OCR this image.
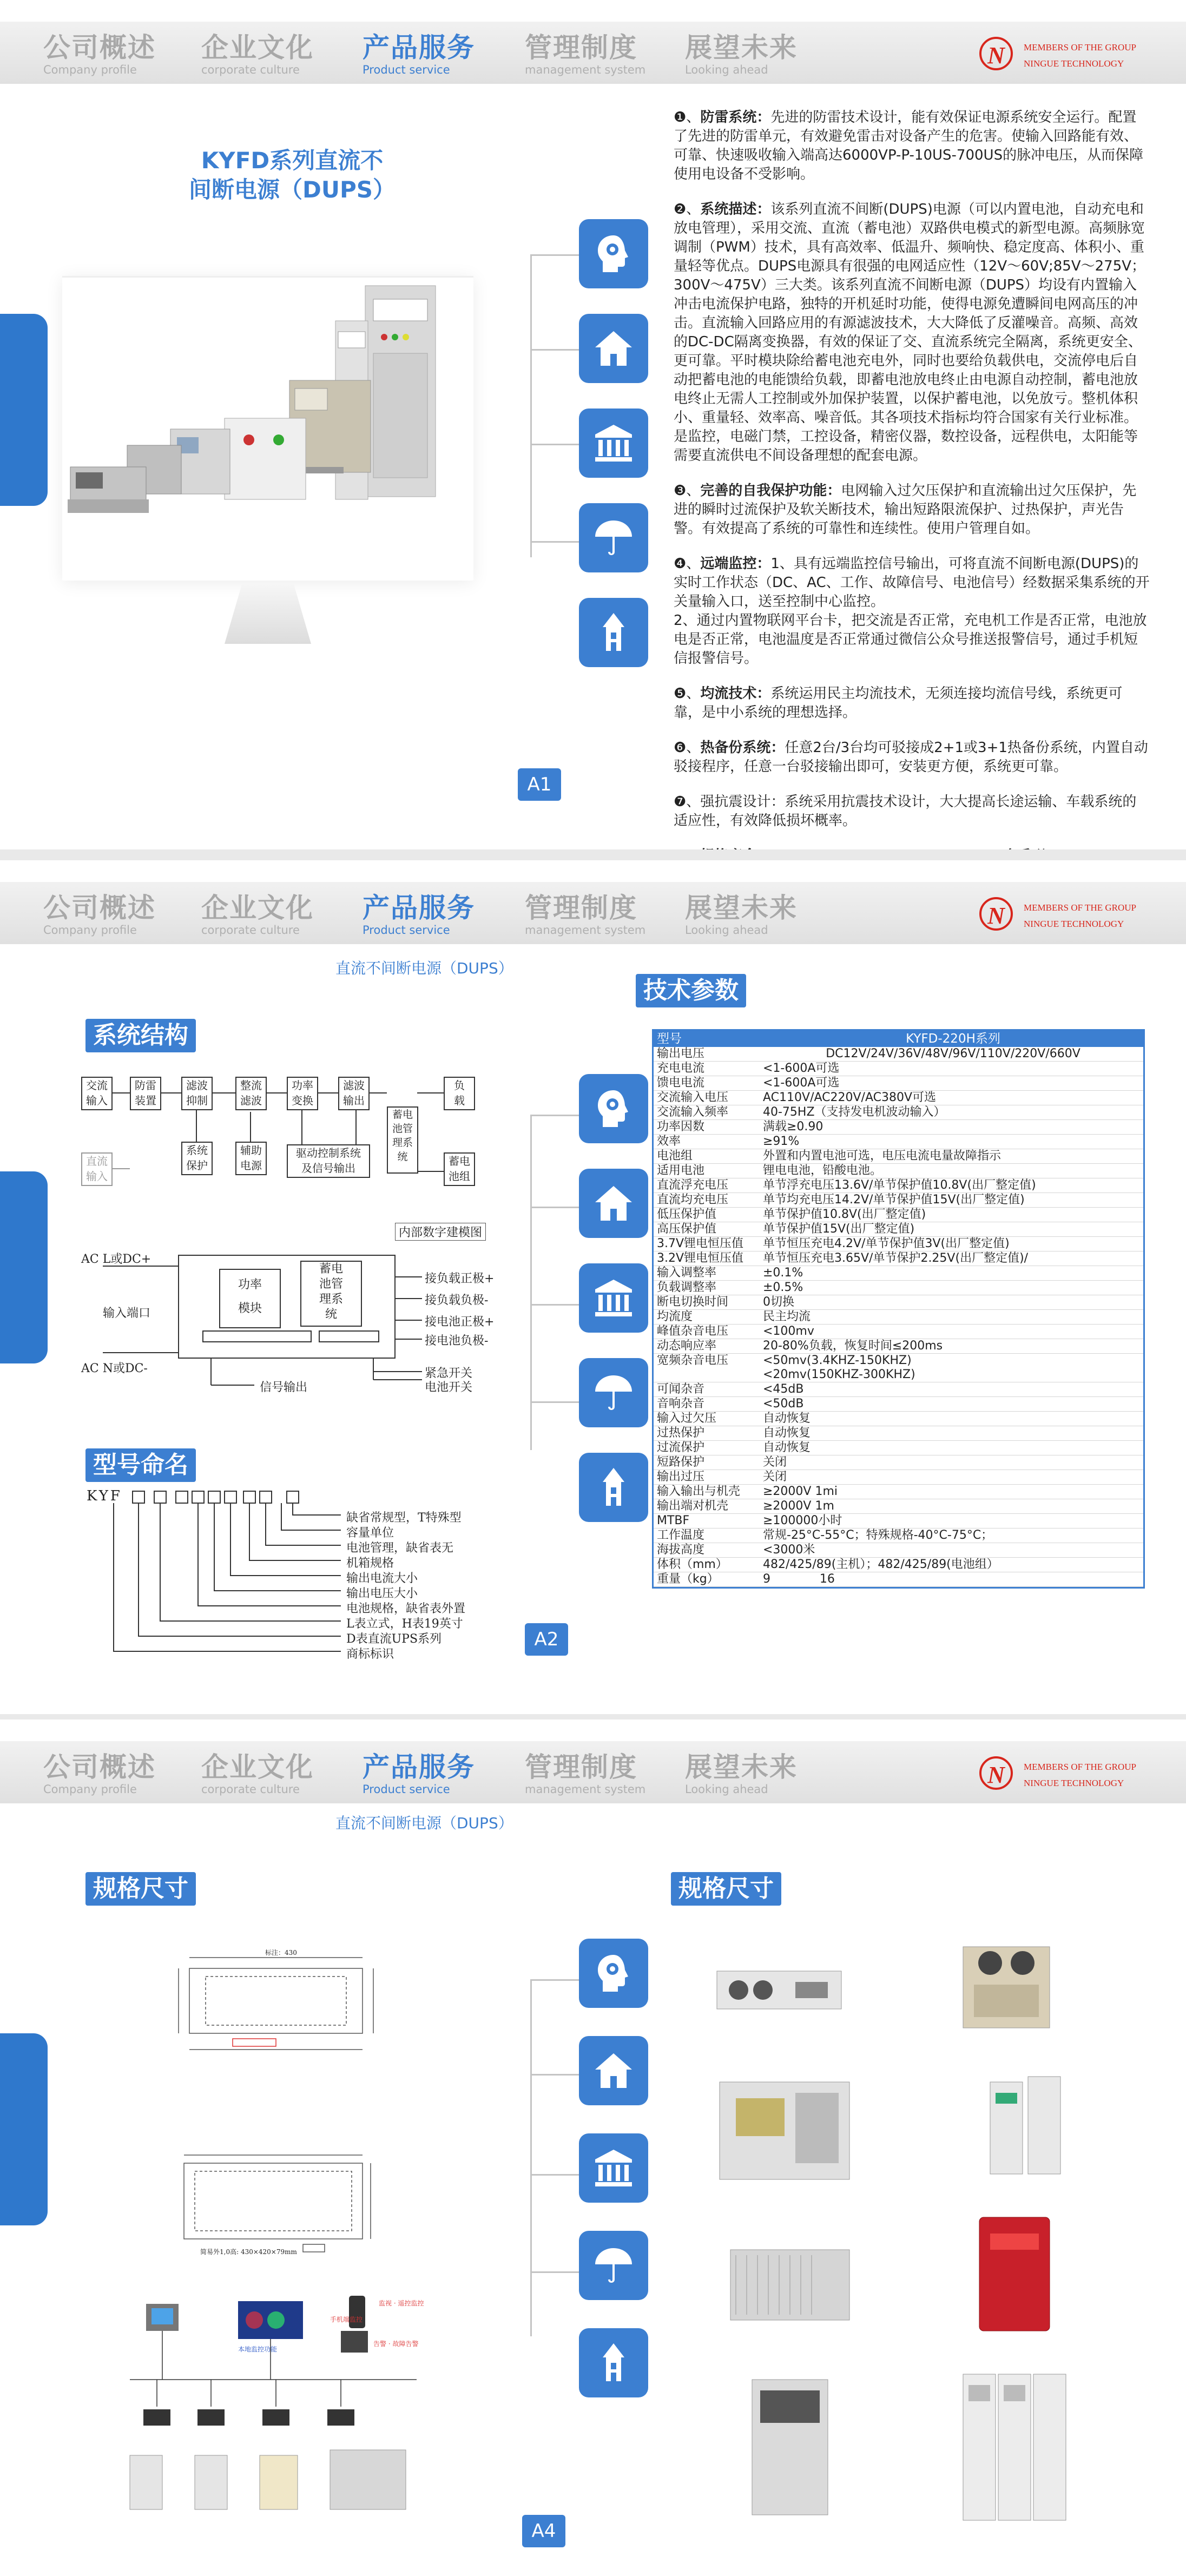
公司概述
Company profile
企业文化
corporate culture
产品服务
Product service
管理制度
management system
展望未来
Looking ahead
N	MEMBERS OF THE GROUP
NINGUE TECHNOLOGY
KYFD系列直流不
间断电源（DUPS）
A1
❶、防雷系统：先进的防雷技术设计，能有效保证电源系统安全运行。配置了先进的防雷单元，有效避免雷击对设备产生的危害。使输入回路能有效、可靠、快速吸收输入端高达6000VP-P-10US-700US的脉冲电压，从而保障使用电设备不受影响。
❷、系统描述：该系列直流不间断(DUPS)电源（可以内置电池，自动充电和放电管理），采用交流、直流（蓄电池）双路供电模式的新型电源。高频脉宽调制（PWM）技术，具有高效率、低温升、频响快、稳定度高、体积小、重量轻等优点。DUPS电源具有很强的电网适应性（12V～60V;85V～275V；300V～475V）三大类。该系列直流不间断电源（DUPS）均设有内置输入冲击电流保护电路，独特的开机延时功能，使得电源免遭瞬间电网高压的冲击。直流输入回路应用的有源滤波技术，大大降低了反灌噪音。高频、高效的DC-DC隔离变换器，有效的保证了交、直流系统完全隔离，系统更安全、更可靠。平时模块除给蓄电池充电外，同时也要给负载供电，交流停电后自动把蓄电池的电能馈给负载，即蓄电池放电终止由电源自动控制，蓄电池放电终止无需人工控制或外加保护装置，以保护蓄电池，以免放亏。整机体积小、重量轻、效率高、噪音低。其各项技术指标均符合国家有关行业标准。是监控，电磁门禁，工控设备，精密仪器，数控设备，远程供电，太阳能等需要直流供电不间设备理想的配套电源。
❸、完善的自我保护功能：电网输入过欠压保护和直流输出过欠压保护，先进的瞬时过流保护及软关断技术，输出短路限流保护、过热保护，声光告警。有效提高了系统的可靠性和连续性。使用户管理自如。
❹、远端监控：1、具有远端监控信号输出，可将直流不间断电源(DUPS)的实时工作状态（DC、AC、工作、故障信号、电池信号）经数据采集系统的开关量输入口，送至控制中心监控。
2、通过内置物联网平台卡，把交流是否正常，充电机工作是否正常，电池放电是否正常，电池温度是否正常通过微信公众号推送报警信号，通过手机短信报警信号。
❺、均流技术：系统运用民主均流技术，无须连接均流信号线，系统更可靠，是中小系统的理想选择。
❻、热备份系统：任意2台/3台均可驳接成2+1或3+1热备份系统，内置自动驳接程序，任意一台驳接输出即可，安装更方便，系统更可靠。
❼、强抗震设计：系统采用抗震技术设计，大大提高长途运输、车载系统的适应性，有效降低损坏概率。
公司概述
Company profile
企业文化
corporate culture
产品服务
Product service
管理制度
management system
展望未来
Looking ahead
N	MEMBERS OF THE GROUP
NINGUE TECHNOLOGY
直流不间断电源（DUPS）
技术参数
系统结构
型号命名
交流
输入
防雷
装置
滤波
抑制
整流
滤波
功率
变换
滤波
输出
负
载
直流
输入
系统
保护
辅助
电源
驱动控制系统
及信号输出
蓄电
池管
理系
统	蓄电
池组
内部数字建模图
AC L或DC+
输入端口
AC N或DC-
功率
模块
蓄电
池管
理系
统
接负载正极+
接负载负极-
接电池正极+
接电池负极-
紧急开关
电池开关
信号输出
KYF
缺省常规型，T特殊型
容量单位
电池管理，缺省表无
机箱规格
输出电流大小
输出电压大小
电池规格，缺省表外置
L表立式，H表19英寸
D表直流UPS系列
商标标识
A2
型号	KYFD-220H系列
输出电压	DC12V/24V/36V/48V/96V/110V/220V/660V
充电电流	<1-600A可选
馈电电流	<1-600A可选
交流输入电压	AC110V/AC220V/AC380V可选
交流输入频率	40-75HZ（支持发电机波动输入）
功率因数	满载≥0.90
效率	≥91%
电池组	外置和内置电池可选，电压电流电量故障指示
适用电池	锂电电池，铅酸电池。
直流浮充电压	单节浮充电压13.6V/单节保护值10.8V(出厂整定值)
直流均充电压	单节均充电压14.2V/单节保护值15V(出厂整定值)
低压保护值	单节保护值10.8V(出厂整定值)
高压保护值	单节保护值15V(出厂整定值)
3.7V锂电恒压值	单节恒压充电4.2V/单节保护值3V(出厂整定值)
3.2V锂电恒压值	单节恒压充电3.65V/单节保护2.25V(出厂整定值)/
输入调整率	±0.1%
负载调整率	±0.5%
断电切换时间	0切换
均流度	民主均流
峰值杂音电压	<100mv
动态响应率	20-80%负载，恢复时间≤200ms
宽频杂音电压	<50mv(3.4KHZ-150KHZ)
<20mv(150KHZ-300KHZ)
可闻杂音	<45dB
音响杂音	<50dB
输入过欠压	自动恢复
过热保护	自动恢复
过流保护	自动恢复
短路保护	关闭
输出过压	关闭
输入输出与机壳	≥2000V 1mi
输出端对机壳	≥2000V 1m
MTBF	≥100000小时
工作温度	常规-25°C-55°C；特殊规格-40°C-75°C；
海拔高度	<3000米
体积（mm）	482/425/89(主机）；482/425/89(电池组）
重量（kg）	9             16
公司概述
Company profile
企业文化
corporate culture
产品服务
Product service
管理制度
management system
展望未来
Looking ahead
N	MEMBERS OF THE GROUP
NINGUE TECHNOLOGY
直流不间断电源（DUPS）
规格尺寸	规格尺寸
标注：430
简易外1,0高: 430×420×79mm
监视 · 遥控监控
本地监控功能
手机端监控
告警 · 故障告警
A4
